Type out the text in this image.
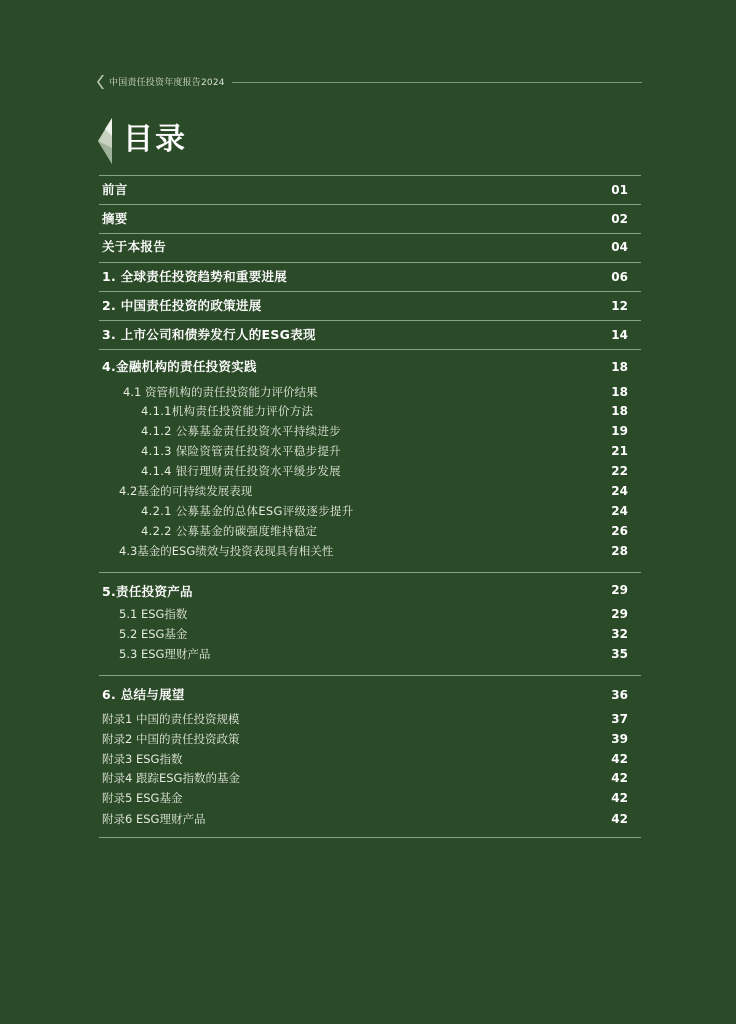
中国责任投资年度报告2024
目录
前言	01
摘要	02
关于本报告	04
1. 全球责任投资趋势和重要进展	06
2. 中国责任投资的政策进展	12
3. 上市公司和债券发行人的ESG表现	14
4.金融机构的责任投资实践	18
4.1 资管机构的责任投资能力评价结果	18
4.1.1机构责任投资能力评价方法	18
4.1.2 公募基金责任投资水平持续进步	19
4.1.3 保险资管责任投资水平稳步提升	21
4.1.4 银行理财责任投资水平缓步发展	22
4.2基金的可持续发展表现	24
4.2.1 公募基金的总体ESG评级逐步提升	24
4.2.2 公募基金的碳强度维持稳定	26
4.3基金的ESG绩效与投资表现具有相关性	28
5.责任投资产品	29
5.1 ESG指数	29
5.2 ESG基金	32
5.3 ESG理财产品	35
6. 总结与展望	36
附录1 中国的责任投资规模	37
附录2 中国的责任投资政策	39
附录3 ESG指数	42
附录4 跟踪ESG指数的基金	42
附录5 ESG基金	42
附录6 ESG理财产品	42
